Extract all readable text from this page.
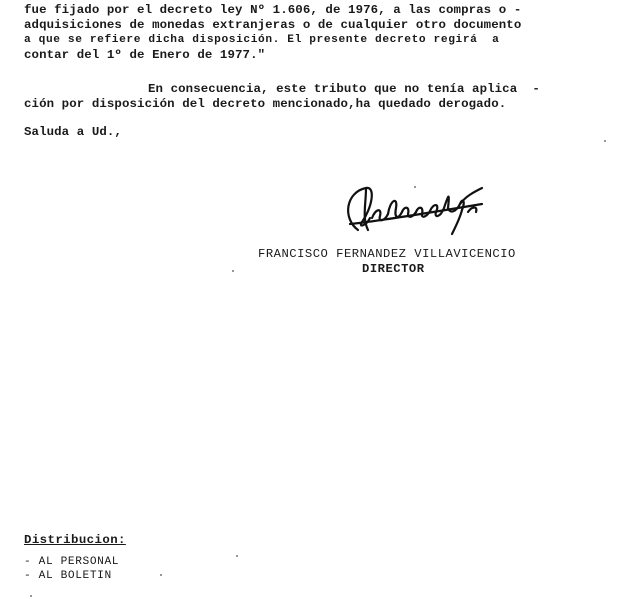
fue fijado por el decreto ley Nº 1.606, de 1976, a las compras o -
adquisiciones de monedas extranjeras o de cualquier otro documento
a que se refiere dicha disposición. El presente decreto regirá  a
contar del 1º de Enero de 1977."
En consecuencia, este tributo que no tenía aplica  -
ción por disposición del decreto mencionado,ha quedado derogado.
Saluda a Ud.,
FRANCISCO FERNANDEZ VILLAVICENCIO
DIRECTOR
Distribucion:
- AL PERSONAL
- AL BOLETIN
